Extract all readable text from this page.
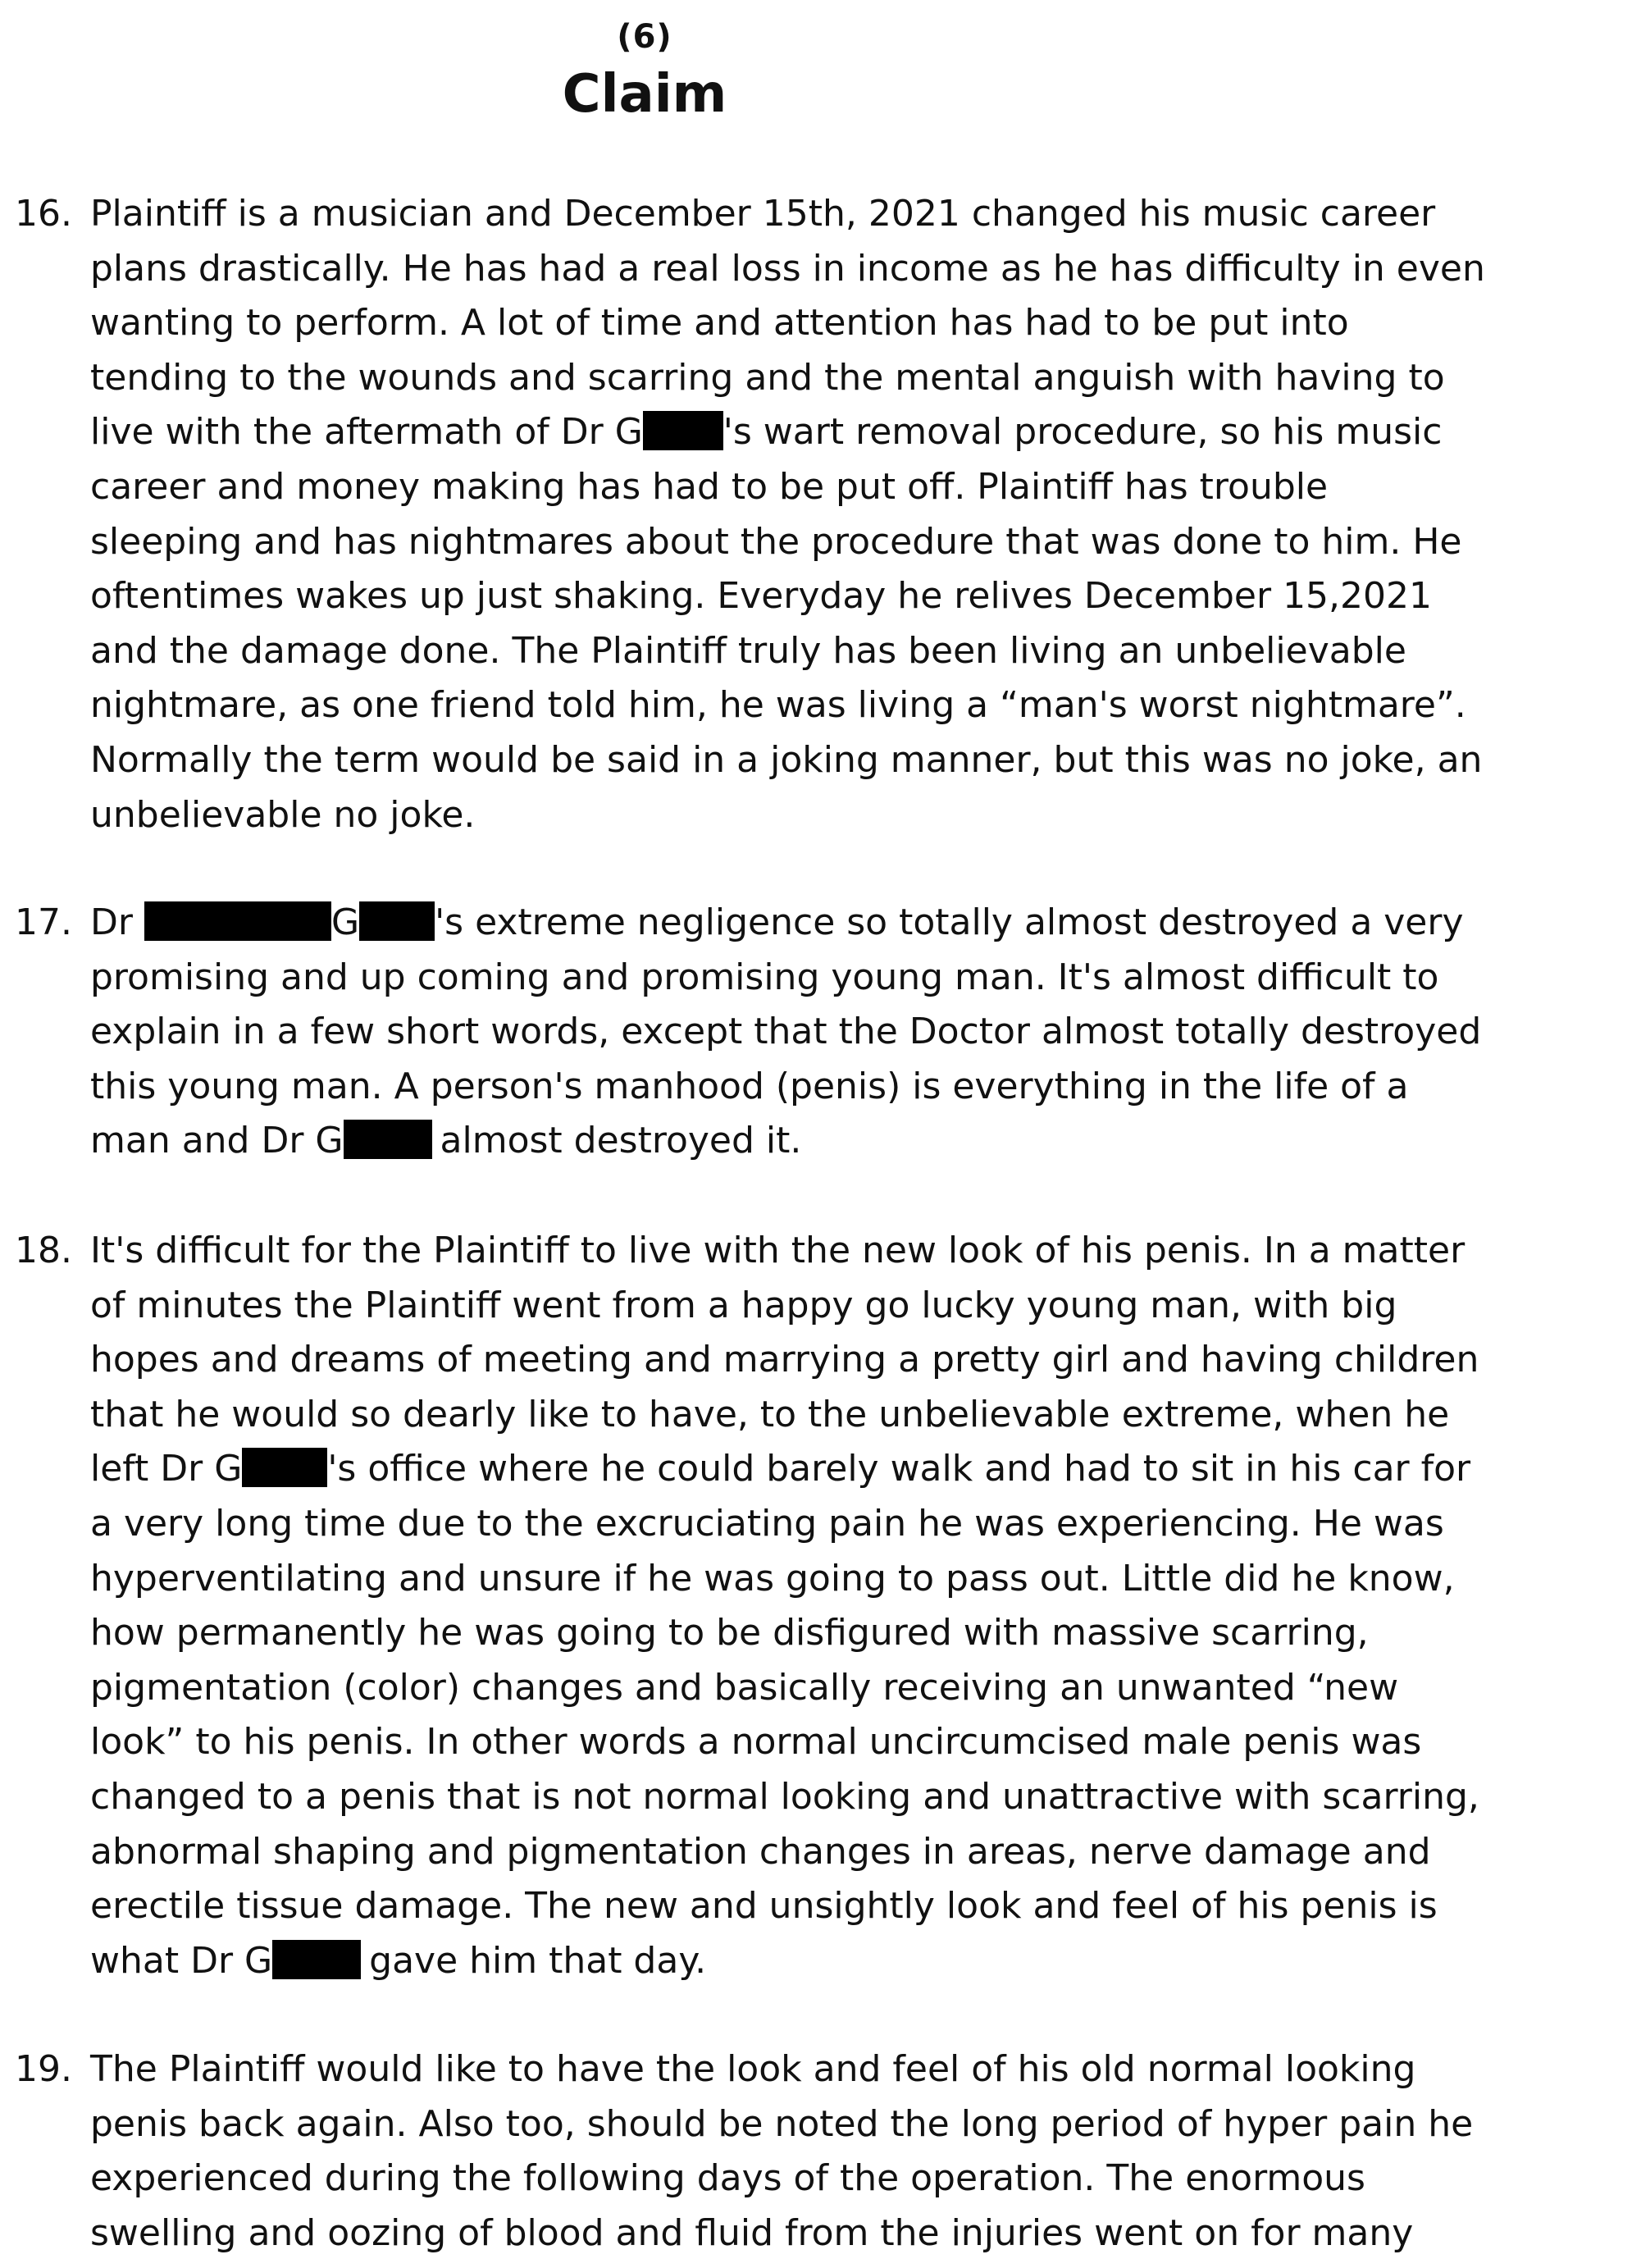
(6)
Claim
16. Plaintiff is a musician and December 15th, 2021 changed his music career
plans drastically. He has had a real loss in income as he has difficulty in even
wanting to perform. A lot of time and attention has had to be put into
tending to the wounds and scarring and the mental anguish with having to
live with the aftermath of Dr G 's wart removal procedure, so his music
career and money making has had to be put off. Plaintiff has trouble
sleeping and has nightmares about the procedure that was done to him. He
oftentimes wakes up just shaking. Everyday he relives December 15,2021
and the damage done. The Plaintiff truly has been living an unbelievable
nightmare, as one friend told him, he was living a “man's worst nightmare”.
Normally the term would be said in a joking manner, but this was no joke, an
unbelievable no joke.
17. Dr	G 's extreme negligence so totally almost destroyed a very
promising and up coming and promising young man. It's almost difficult to
explain in a few short words, except that the Doctor almost totally destroyed
this young man. A person's manhood (penis) is everything in the life of a
man and Dr G	almost destroyed it.
18. It's difficult for the Plaintiff to live with the new look of his penis. In a matter
of minutes the Plaintiff went from a happy go lucky young man, with big
hopes and dreams of meeting and marrying a pretty girl and having children
that he would so dearly like to have, to the unbelievable extreme, when he
left Dr G 's office where he could barely walk and had to sit in his car for
a very long time due to the excruciating pain he was experiencing. He was
hyperventilating and unsure if he was going to pass out. Little did he know,
how permanently he was going to be disfigured with massive scarring,
pigmentation (color) changes and basically receiving an unwanted “new
look” to his penis. In other words a normal uncircumcised male penis was
changed to a penis that is not normal looking and unattractive with scarring,
abnormal shaping and pigmentation changes in areas, nerve damage and
erectile tissue damage. The new and unsightly look and feel of his penis is
what Dr G	gave him that day.
19. The Plaintiff would like to have the look and feel of his old normal looking
penis back again. Also too, should be noted the long period of hyper pain he
experienced during the following days of the operation. The enormous
swelling and oozing of blood and fluid from the injuries went on for many
